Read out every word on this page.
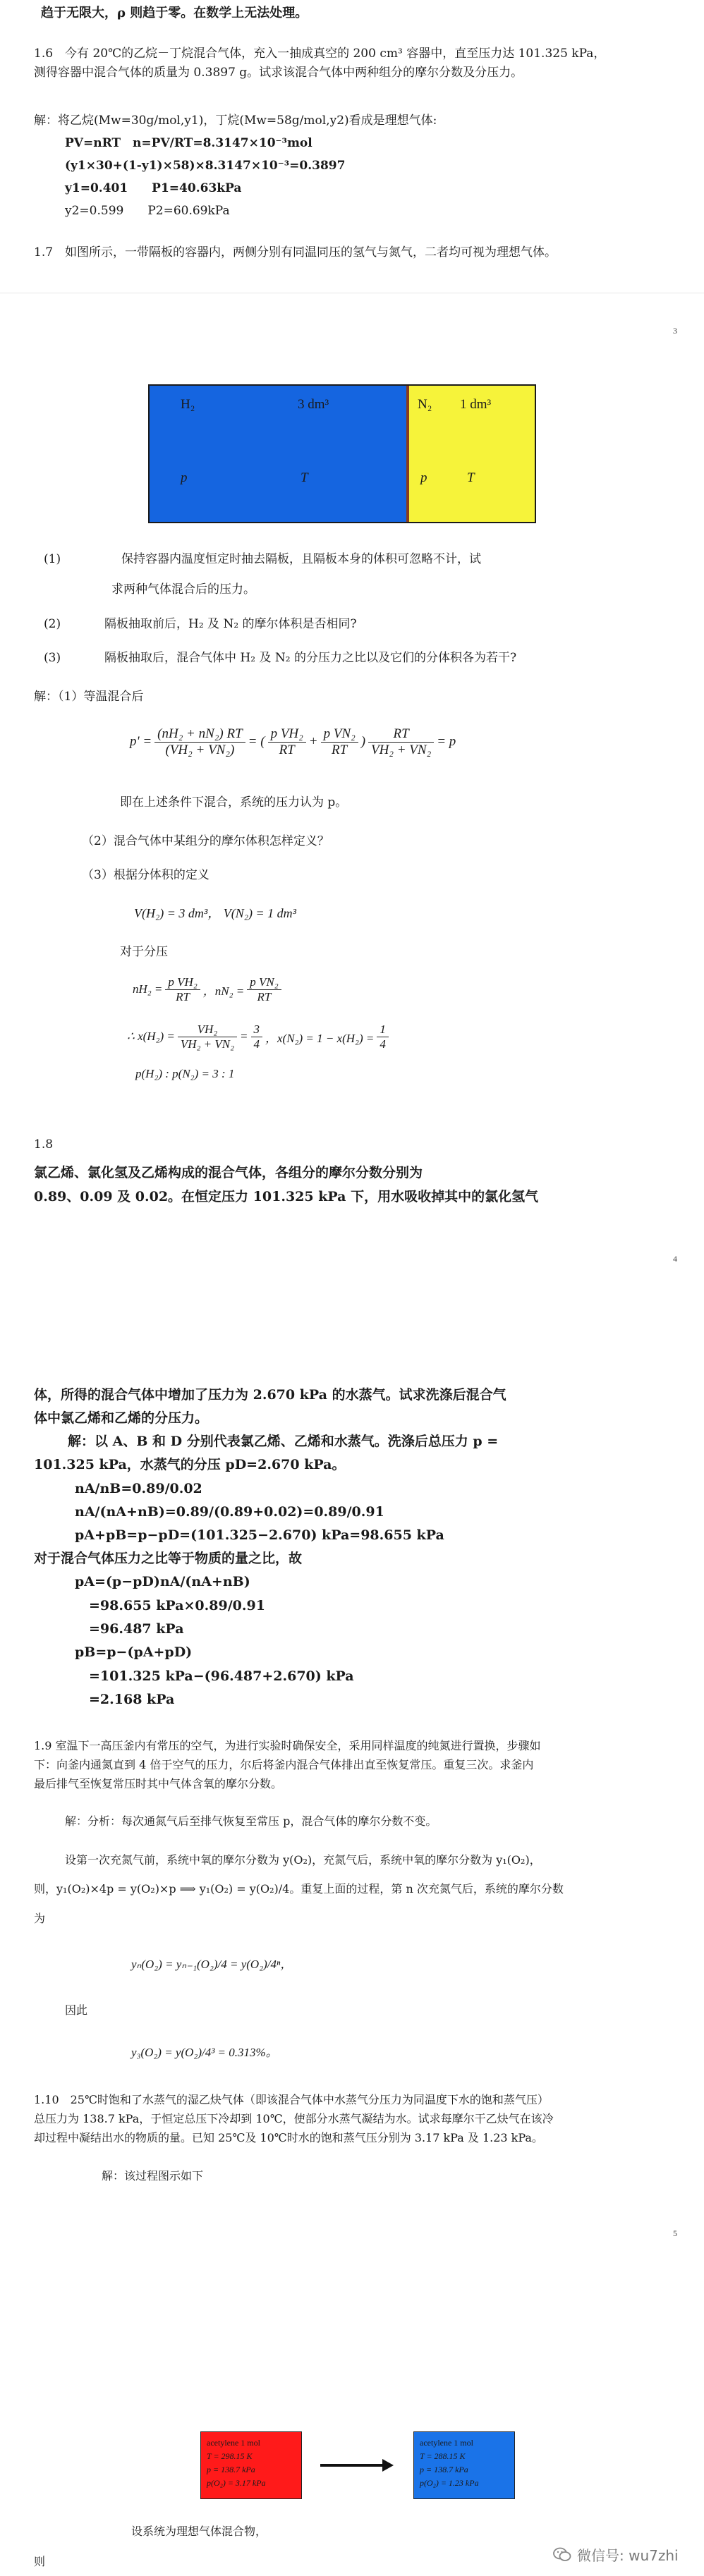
趋于无限大，ρ 则趋于零。在数学上无法处理。
1.6　今有 20℃的乙烷－丁烷混合气体，充入一抽成真空的 200 cm³ 容器中，直至压力达 101.325 kPa，
测得容器中混合气体的质量为 0.3897 g。试求该混合气体中两种组分的摩尔分数及分压力。
解：将乙烷(Mw=30g/mol,y1)，丁烷(Mw=58g/mol,y2)看成是理想气体:
PV=nRT　n=PV/RT=8.3147×10⁻³mol
(y1×30+(1-y1)×58)×8.3147×10⁻³=0.3897
y1=0.401　　P1=40.63kPa
y2=0.599　　P2=60.69kPa
1.7　如图所示，一带隔板的容器内，两侧分别有同温同压的氢气与氮气，二者均可视为理想气体。
3
H₂	3 dm³
p	T
N₂ 1 dm³
p	T
(1)	保持容器内温度恒定时抽去隔板，且隔板本身的体积可忽略不计，试
求两种气体混合后的压力。
(2)	隔板抽取前后，H₂ 及 N₂ 的摩尔体积是否相同?
(3)	隔板抽取后，混合气体中 H₂ 及 N₂ 的分压力之比以及它们的分体积各为若干?
解：（1）等温混合后
$p' = \frac{\text{(nH₂ + nN₂) RT}}{\text{(VH₂ + VN₂)}}$ = ( $\frac{\text{p VH₂}}{RT} + \frac{\text{p VN₂}}{RT}$ ) $\frac{RT}{\text{VH₂ + VN₂}} = p$
即在上述条件下混合，系统的压力认为 p。
（2）混合气体中某组分的摩尔体积怎样定义？
（3）根据分体积的定义
V(H₂) = 3 dm³， V(N₂) = 1 dm³
对于分压
$nH_2 = \frac{\text{p VH₂}}{RT}$ ，$nN_2 = \frac{\text{p VN₂}}{RT}$
∴ $x(H_2) = \frac{\text{VH₂}}{\text{VH₂ + VN₂}} = \frac{3}{4}$ ，$x(N_2) = 1 - x(H_2) = \frac{1}{4}$
p(H₂) : p(N₂) = 3 : 1
1.8
氯乙烯、氯化氢及乙烯构成的混合气体，各组分的摩尔分数分别为
0.89、0.09 及 0.02。在恒定压力 101.325 kPa 下，用水吸收掉其中的氯化氢气
4
体，所得的混合气体中增加了压力为 2.670 kPa 的水蒸气。试求洗涤后混合气
体中氯乙烯和乙烯的分压力。
解：以 A、B 和 D 分别代表氯乙烯、乙烯和水蒸气。洗涤后总压力 p =
101.325 kPa，水蒸气的分压 pD=2.670 kPa。
nA/nB=0.89/0.02
nA/(nA+nB)=0.89/(0.89+0.02)=0.89/0.91
pA+pB=p−pD=(101.325−2.670) kPa=98.655 kPa
对于混合气体压力之比等于物质的量之比，故
pA=(p−pD)nA/(nA+nB)
=98.655 kPa×0.89/0.91
=96.487 kPa
pB=p−(pA+pD)
=101.325 kPa−(96.487+2.670) kPa
=2.168 kPa
1.9 室温下一高压釜内有常压的空气，为进行实验时确保安全，采用同样温度的纯氮进行置换，步骤如
下：向釜内通氮直到 4 倍于空气的压力，尔后将釜内混合气体排出直至恢复常压。重复三次。求釜内
最后排气至恢复常压时其中气体含氧的摩尔分数。
解：分析：每次通氮气后至排气恢复至常压 p，混合气体的摩尔分数不变。
设第一次充氮气前，系统中氧的摩尔分数为 y(O₂)，充氮气后，系统中氧的摩尔分数为 y₁(O₂)，
则，y₁(O₂)×4p = y(O₂)×p ⟹ y₁(O₂) = y(O₂)/4。重复上面的过程，第 n 次充氮气后，系统的摩尔分数
为
yₙ(O₂) = yₙ₋₁(O₂)/4 = y(O₂)/4ⁿ，
因此
y₃(O₂) = y(O₂)/4³ = 0.313%。
1.10　25℃时饱和了水蒸气的湿乙炔气体（即该混合气体中水蒸气分压力为同温度下水的饱和蒸气压）
总压力为 138.7 kPa，于恒定总压下冷却到 10℃，使部分水蒸气凝结为水。试求每摩尔干乙炔气在该冷
却过程中凝结出水的物质的量。已知 25℃及 10℃时水的饱和蒸气压分别为 3.17 kPa 及 1.23 kPa。
解：该过程图示如下
5
acetylene 1 mol
T = 298.15 K
p = 138.7 kPa
p(O₂) = 3.17 kPa
acetylene 1 mol
T = 288.15 K
p = 138.7 kPa
p(O₂) = 1.23 kPa
设系统为理想气体混合物，
则	微信号: wu7zhi
